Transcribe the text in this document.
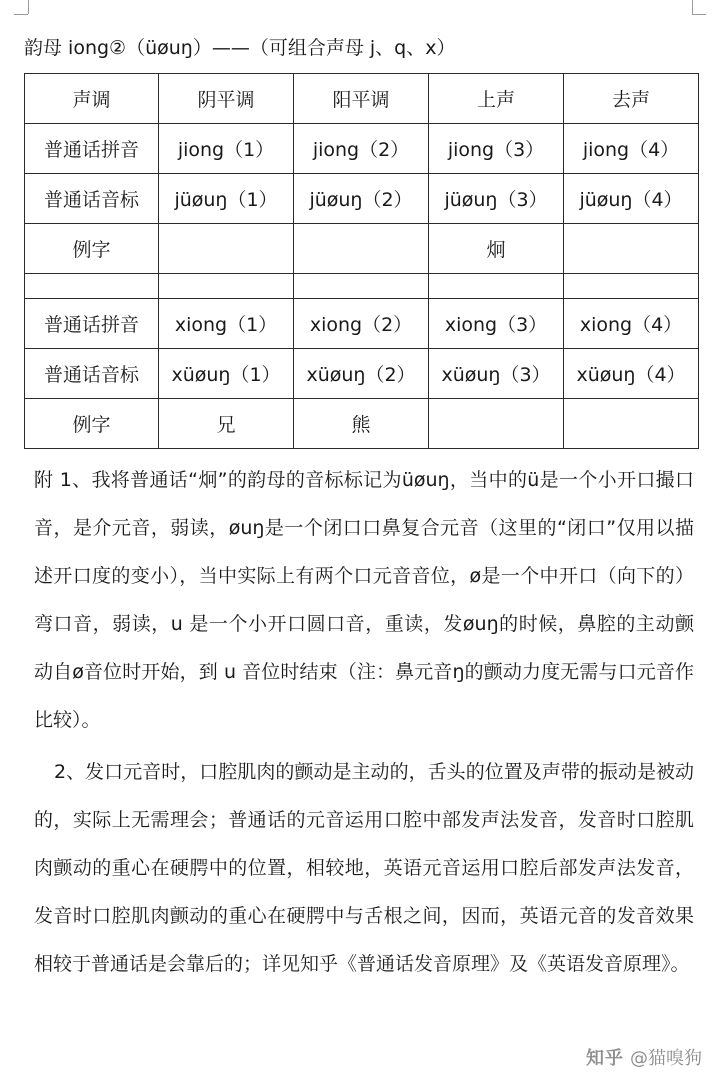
韵母 iong②（üøuŋ）——（可组合声母 j、q、x）
声调	阴平调	阳平调	上声	去声
普通话拼音	jiong（1）	jiong（2）	jiong（3）	jiong（4）
普通话音标	jüøuŋ（1）	jüøuŋ（2）	jüøuŋ（3）	jüøuŋ（4）
例字			炯	

普通话拼音	xiong（1）	xiong（2）	xiong（3）	xiong（4）
普通话音标	xüøuŋ（1）	xüøuŋ（2）	xüøuŋ（3）	xüøuŋ（4）
例字	兄	熊		

附 1、我将普通话“炯”的韵母的音标标记为üøuŋ，当中的ü是一个小开口撮口音，是介元音，弱读，øuŋ是一个闭口口鼻复合元音（这里的“闭口”仅用以描述开口度的变小），当中实际上有两个口元音音位，ø是一个中开口（向下的）弯口音，弱读，u 是一个小开口圆口音，重读，发øuŋ的时候，鼻腔的主动颤动自ø音位时开始，到 u 音位时结束（注：鼻元音ŋ的颤动力度无需与口元音作比较）。

2、发口元音时，口腔肌肉的颤动是主动的，舌头的位置及声带的振动是被动的，实际上无需理会；普通话的元音运用口腔中部发声法发音，发音时口腔肌肉颤动的重心在硬腭中的位置，相较地，英语元音运用口腔后部发声法发音，发音时口腔肌肉颤动的重心在硬腭中与舌根之间，因而，英语元音的发音效果相较于普通话是会靠后的；详见知乎《普通话发音原理》及《英语发音原理》。

知乎 @猫嗅狗
